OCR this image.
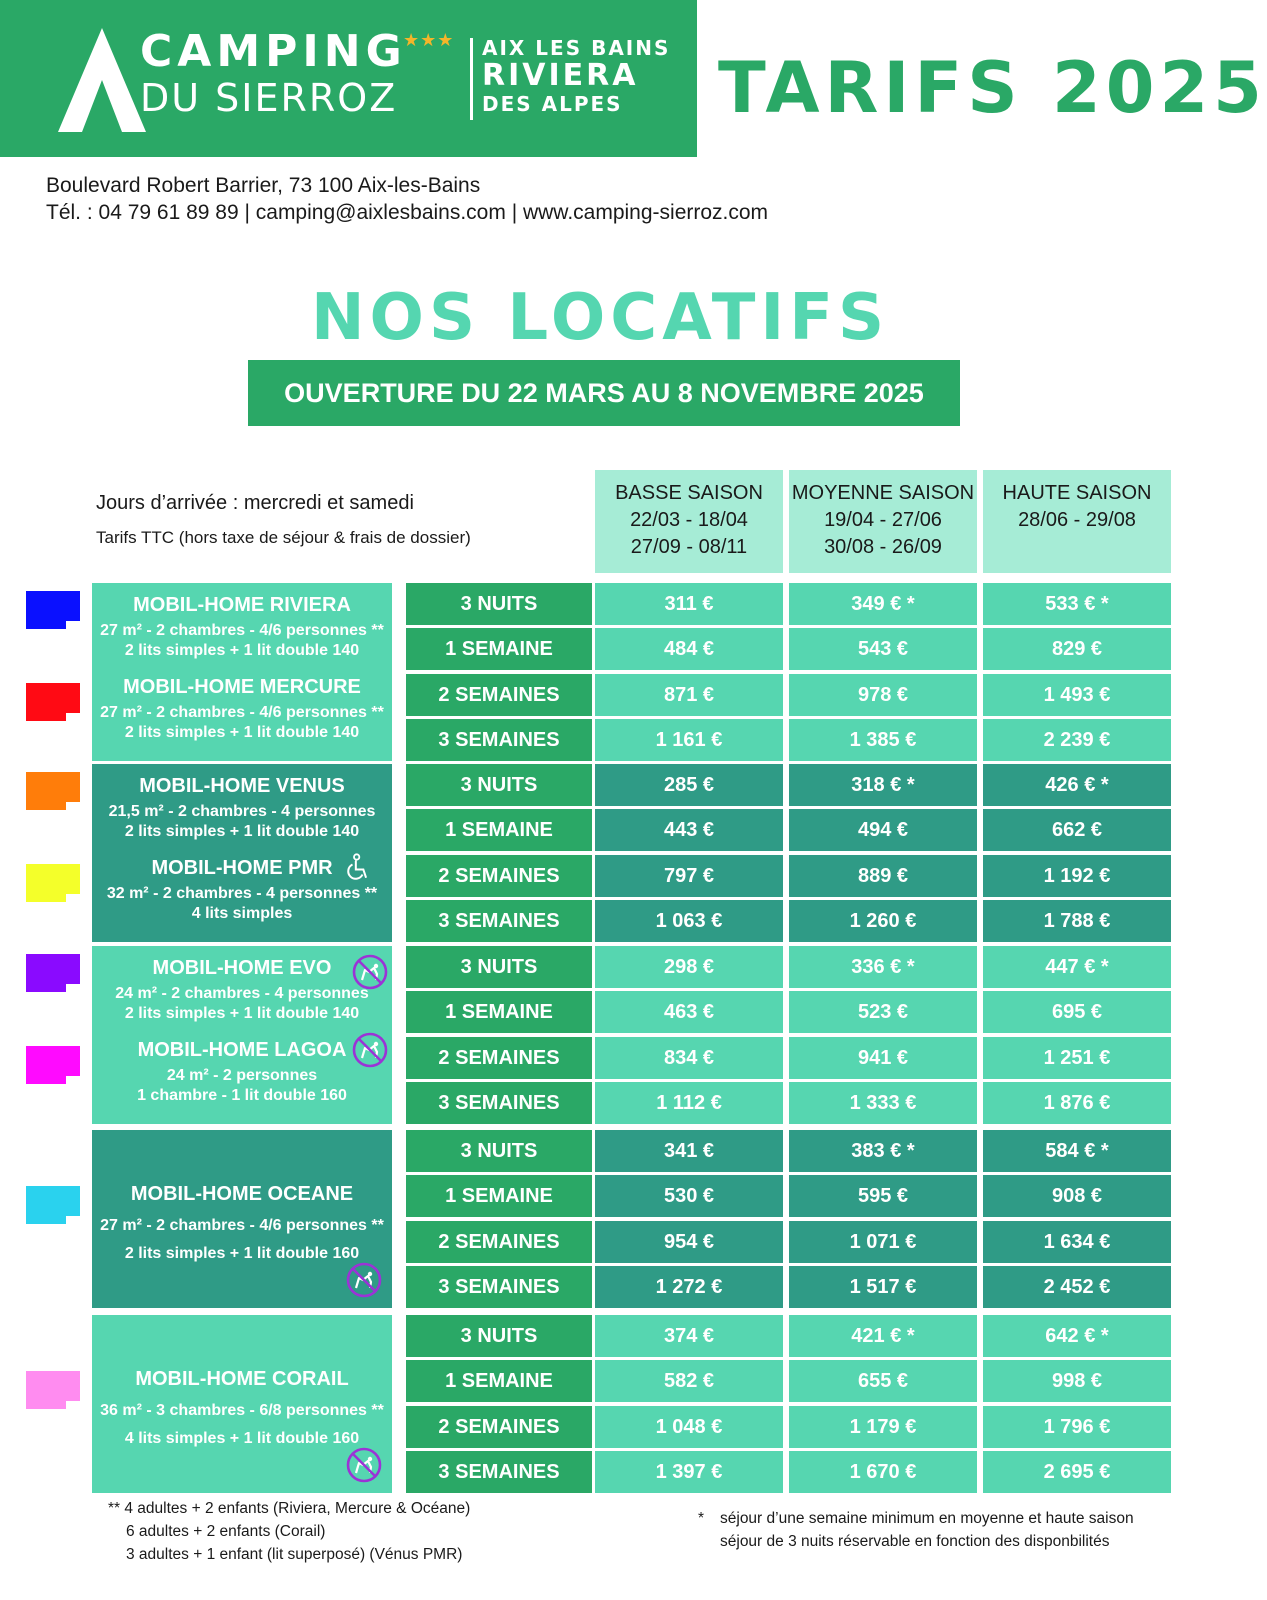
CAMPING
DU SIERROZ
★★★ AIX LES BAINS
RIVIERA
DES ALPES	TARIFS 2025
Boulevard Robert Barrier, 73 100 Aix-les-Bains
Tél. : 04 79 61 89 89 | camping@aixlesbains.com | www.camping-sierroz.com
NOS LOCATIFS
OUVERTURE DU 22 MARS AU 8 NOVEMBRE 2025
Jours d’arrivée : mercredi et samedi
Tarifs TTC (hors taxe de séjour & frais de dossier)
BASSE SAISON
22/03 - 18/04
27/09 - 08/11
MOYENNE SAISON
19/04 - 27/06
30/08 - 26/09
HAUTE SAISON
28/06 - 29/08
MOBIL-HOME RIVIERA
27 m² - 2 chambres - 4/6 personnes **
2 lits simples + 1 lit double 140
MOBIL-HOME MERCURE
27 m² - 2 chambres - 4/6 personnes **
2 lits simples + 1 lit double 140
3 NUITS	311 €	349 € *	533 € *
1 SEMAINE	484 €	543 €	829 €
2 SEMAINES	871 €	978 €	1 493 €
3 SEMAINES	1 161 €	1 385 €	2 239 €
MOBIL-HOME VENUS
21,5 m² - 2 chambres - 4 personnes
2 lits simples + 1 lit double 140
MOBIL-HOME PMR
32 m² - 2 chambres - 4 personnes **
4 lits simples
3 NUITS	285 €	318 € *	426 € *
1 SEMAINE	443 €	494 €	662 €
2 SEMAINES	797 €	889 €	1 192 €
3 SEMAINES	1 063 €	1 260 €	1 788 €
MOBIL-HOME EVO
24 m² - 2 chambres - 4 personnes
2 lits simples + 1 lit double 140
MOBIL-HOME LAGOA
24 m² - 2 personnes
1 chambre - 1 lit double 160
3 NUITS	298 €	336 € *	447 € *
1 SEMAINE	463 €	523 €	695 €
2 SEMAINES	834 €	941 €	1 251 €
3 SEMAINES	1 112 €	1 333 €	1 876 €
MOBIL-HOME OCEANE
27 m² - 2 chambres - 4/6 personnes **
2 lits simples + 1 lit double 160
3 NUITS	341 €	383 € *	584 € *
1 SEMAINE	530 €	595 €	908 €
2 SEMAINES	954 €	1 071 €	1 634 €
3 SEMAINES	1 272 €	1 517 €	2 452 €
MOBIL-HOME CORAIL
36 m² - 3 chambres - 6/8 personnes **
4 lits simples + 1 lit double 160
3 NUITS	374 €	421 € *	642 € *
1 SEMAINE	582 €	655 €	998 €
2 SEMAINES	1 048 €	1 179 €	1 796 €
3 SEMAINES	1 397 €	1 670 €	2 695 €
** 4 adultes + 2 enfants (Riviera, Mercure & Océane)
6 adultes + 2 enfants (Corail)
3 adultes + 1 enfant (lit superposé) (Vénus PMR)
* séjour d’une semaine minimum en moyenne et haute saison
séjour de 3 nuits réservable en fonction des disponbilités
